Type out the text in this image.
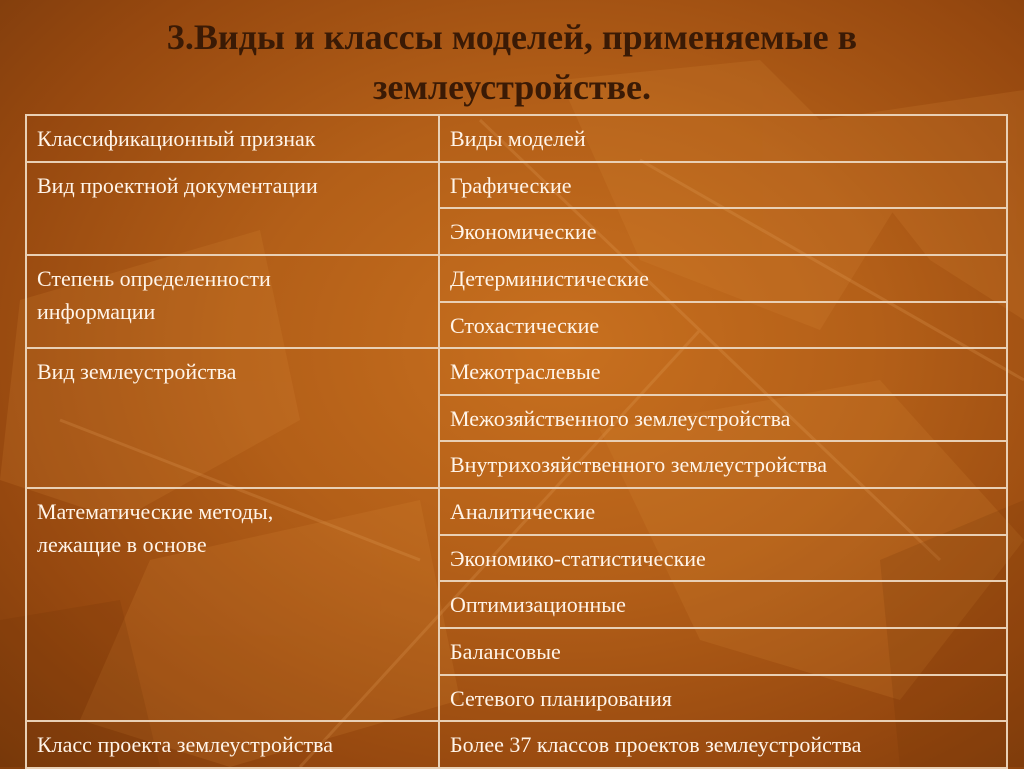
3.Виды и классы моделей, применяемые в
землеустройстве.
Классификационный признак	Виды моделей

Вид проектной документации	Графические
	Экономические

Степень определенности
информации	Детерминистические
	Стохастические

Вид землеустройства	Межотраслевые
	Межозяйственного землеустройства
	Внутрихозяйственного землеустройства

Математические методы,
лежащие в основе	Аналитические
	Экономико-статистические
	Оптимизационные
	Балансовые
	Сетевого планирования

Класс проекта землеустройства	Более 37 классов проектов землеустройства
